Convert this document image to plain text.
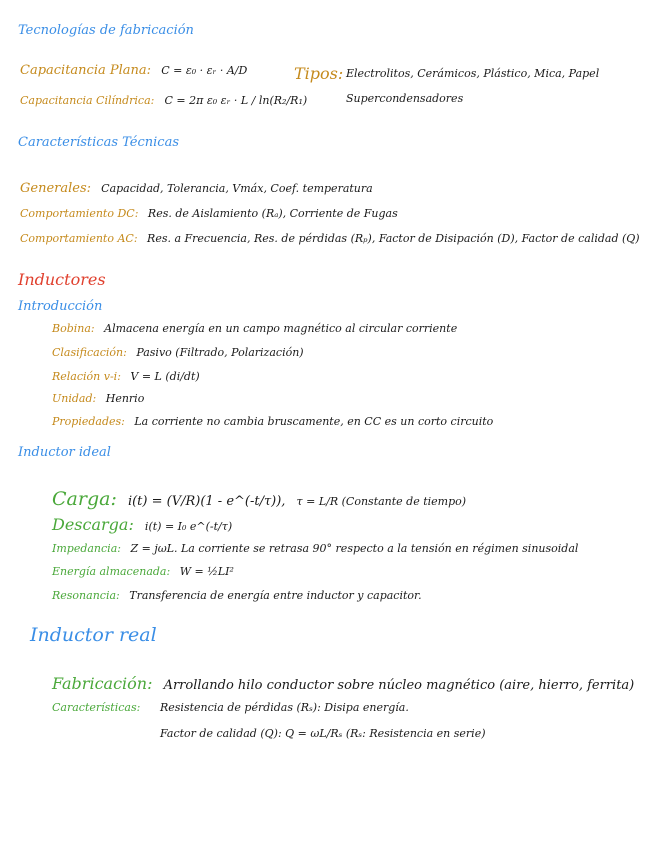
Tecnologías de fabricación
Capacitancia Plana: C = ε₀ · εᵣ · A/D
Capacitancia Cilíndrica: C = 2π ε₀ εᵣ · L / ln(R₂/R₁)
Tipos: Electrolitos, Cerámicos, Plástico, Mica, Papel
Supercondensadores
Características Técnicas
Generales: Capacidad, Tolerancia, Vmáx, Coef. temperatura
Comportamiento DC: Res. de Aislamiento (Rₐ), Corriente de Fugas
Comportamiento AC: Res. a Frecuencia, Res. de pérdidas (Rₚ), Factor de Disipación (D), Factor de calidad (Q)
Inductores
Introducción
Bobina: Almacena energía en un campo magnético al circular corriente
Clasificación: Pasivo (Filtrado, Polarización)
Relación v-i: V = L (di/dt)
Unidad: Henrio
Propiedades: La corriente no cambia bruscamente, en CC es un corto circuito
Inductor ideal
Carga: i(t) = (V/R)(1 - e^(-t/τ)), τ = L/R (Constante de tiempo)
Descarga: i(t) = I₀ e^(-t/τ)
Impedancia: Z = jωL. La corriente se retrasa 90° respecto a la tensión en régimen sinusoidal
Energía almacenada: W = ½LI²
Resonancia: Transferencia de energía entre inductor y capacitor.
Inductor real
Fabricación: Arrollando hilo conductor sobre núcleo magnético (aire, hierro, ferrita)
Características: Resistencia de pérdidas (Rₛ): Disipa energía.
Factor de calidad (Q): Q = ωL/Rₛ (Rₛ: Resistencia en serie)
